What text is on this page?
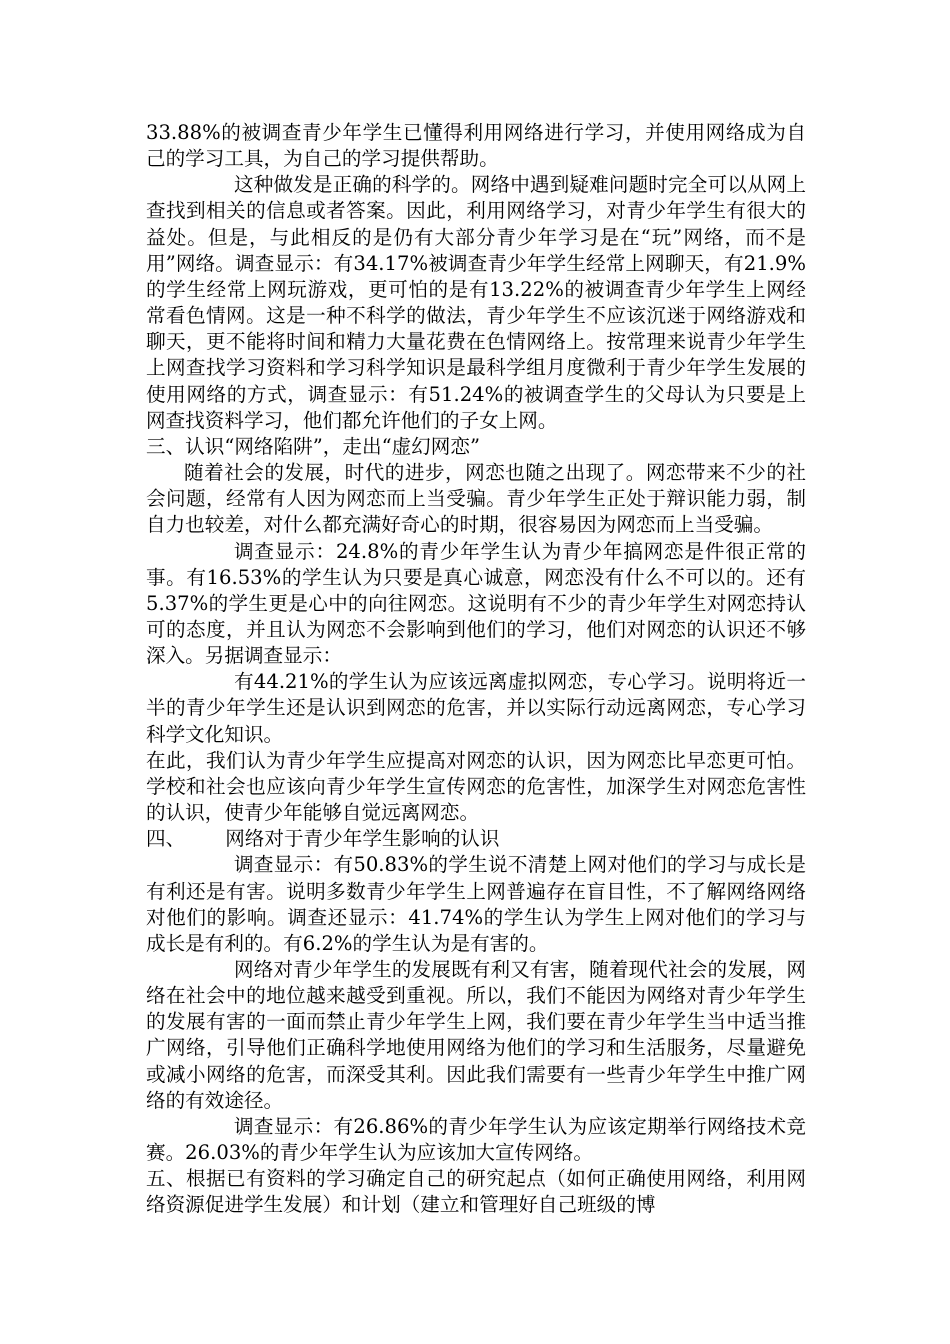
33.88%的被调查青少年学生已懂得利用网络进行学习，并使用网络成为自己的学习工具，为自己的学习提供帮助。

这种做发是正确的科学的。网络中遇到疑难问题时完全可以从网上查找到相关的信息或者答案。因此，利用网络学习，对青少年学生有很大的益处。但是，与此相反的是仍有大部分青少年学习是在“玩”网络，而不是用”网络。调查显示：有34.17%被调查青少年学生经常上网聊天，有21.9%的学生经常上网玩游戏，更可怕的是有13.22%的被调查青少年学生上网经常看色情网。这是一种不科学的做法，青少年学生不应该沉迷于网络游戏和聊天，更不能将时间和精力大量花费在色情网络上。按常理来说青少年学生上网查找学习资料和学习科学知识是最科学组月度微利于青少年学生发展的使用网络的方式，调查显示：有51.24%的被调查学生的父母认为只要是上网查找资料学习，他们都允许他们的子女上网。

三、认识“网络陷阱”，走出“虚幻网恋”

随着社会的发展，时代的进步，网恋也随之出现了。网恋带来不少的社会问题，经常有人因为网恋而上当受骗。青少年学生正处于辩识能力弱，制自力也较差，对什么都充满好奇心的时期，很容易因为网恋而上当受骗。

调查显示：24.8%的青少年学生认为青少年搞网恋是件很正常的事。有16.53%的学生认为只要是真心诚意，网恋没有什么不可以的。还有5.37%的学生更是心中的向往网恋。这说明有不少的青少年学生对网恋持认可的态度，并且认为网恋不会影响到他们的学习，他们对网恋的认识还不够深入。另据调查显示：

有44.21%的学生认为应该远离虚拟网恋，专心学习。说明将近一半的青少年学生还是认识到网恋的危害，并以实际行动远离网恋，专心学习科学文化知识。

在此，我们认为青少年学生应提高对网恋的认识，因为网恋比早恋更可怕。学校和社会也应该向青少年学生宣传网恋的危害性，加深学生对网恋危害性的认识，使青少年能够自觉远离网恋。

四、 网络对于青少年学生影响的认识

调查显示：有50.83%的学生说不清楚上网对他们的学习与成长是有利还是有害。说明多数青少年学生上网普遍存在盲目性，不了解网络网络对他们的影响。调查还显示：41.74%的学生认为学生上网对他们的学习与成长是有利的。有6.2%的学生认为是有害的。

网络对青少年学生的发展既有利又有害，随着现代社会的发展，网络在社会中的地位越来越受到重视。所以，我们不能因为网络对青少年学生的发展有害的一面而禁止青少年学生上网，我们要在青少年学生当中适当推广网络，引导他们正确科学地使用网络为他们的学习和生活服务，尽量避免或减小网络的危害，而深受其利。因此我们需要有一些青少年学生中推广网络的有效途径。

调查显示：有26.86%的青少年学生认为应该定期举行网络技术竞赛。26.03%的青少年学生认为应该加大宣传网络。

五、根据已有资料的学习确定自己的研究起点（如何正确使用网络，利用网络资源促进学生发展）和计划（建立和管理好自己班级的博
